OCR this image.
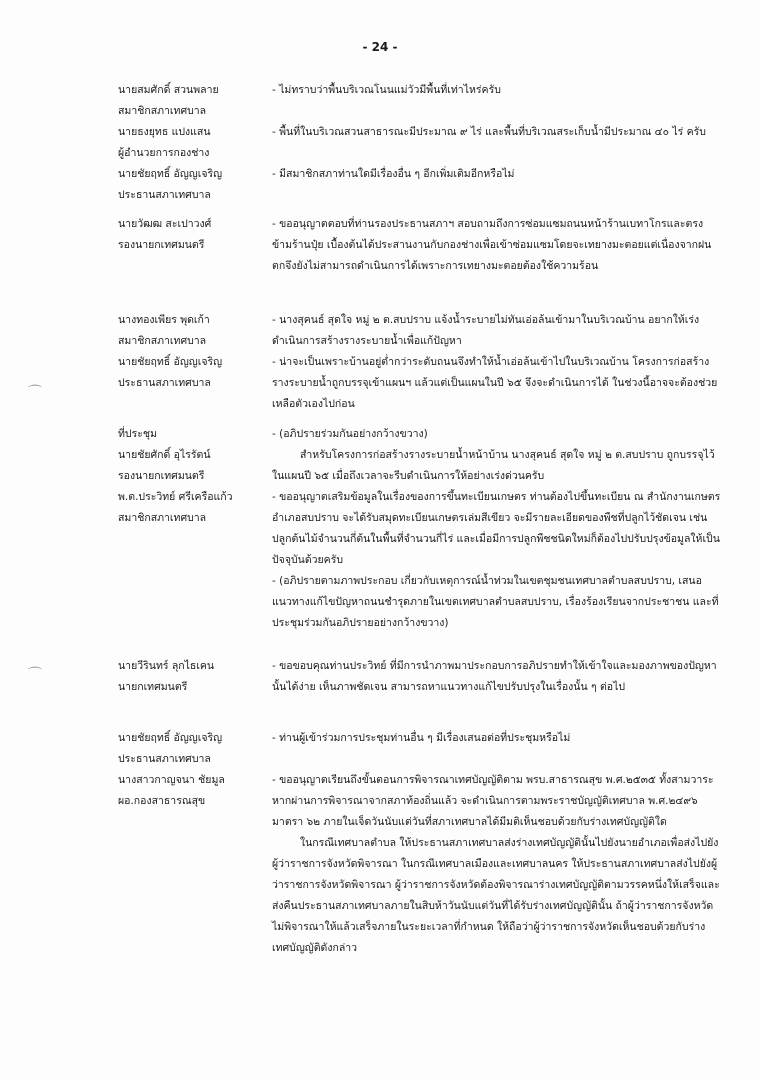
- 24 -
⌒
⌒
นายสมศักดิ์ สวนพลาย
สมาชิกสภาเทศบาล

- ไม่ทราบว่าพื้นบริเวณโนนแม่วัวมีพื้นที่เท่าไหร่ครับ

นายธงยุทธ แปงแสน
ผู้อำนวยการกองช่าง

- พื้นที่ในบริเวณสวนสาธารณะมีประมาณ ๙ ไร่ และพื้นที่บริเวณสระเก็บน้ำมีประมาณ ๔๐ ไร่ ครับ

นายชัยฤทธิ์ อัญญเจริญ
ประธานสภาเทศบาล

- มีสมาชิกสภาท่านใดมีเรื่องอื่น ๆ อีกเพิ่มเติมอีกหรือไม่

นายวัฒฒ สะเปาวงศ์
รองนายกเทศมนตรี

- ขออนุญาตตอบที่ท่านรองประธานสภาฯ สอบถามถึงการซ่อมแซมถนนหน้าร้านเบทาโกรและตรงข้ามร้านปุ๋ย เบื้องต้นได้ประสานงานกับกองช่างเพื่อเข้าซ่อมแซมโดยจะเทยางมะตอยแต่เนื่องจากฝนตกจึงยังไม่สามารถดำเนินการได้เพราะการเทยางมะตอยต้องใช้ความร้อน

นางทองเพียร พุดเก้า
สมาชิกสภาเทศบาล

- นางสุคนธ์ สุดใจ หมู่ ๒ ต.สบปราบ แจ้งน้ำระบายไม่ทันเอ่อล้นเข้ามาในบริเวณบ้าน อยากให้เร่งดำเนินการสร้างรางระบายน้ำเพื่อแก้ปัญหา

นายชัยฤทธิ์ อัญญเจริญ
ประธานสภาเทศบาล

- น่าจะเป็นเพราะบ้านอยู่ต่ำกว่าระดับถนนจึงทำให้น้ำเอ่อล้นเข้าไปในบริเวณบ้าน โครงการก่อสร้างรางระบายน้ำถูกบรรจุเข้าแผนฯ แล้วแต่เป็นแผนในปี ๖๕ จึงจะดำเนินการได้ ในช่วงนี้อาจจะต้องช่วยเหลือตัวเองไปก่อน

ที่ประชุม
นายชัยศักดิ์ อุไรรัตน์
รองนายกเทศมนตรี
พ.ต.ประวิทย์ ศรีเครือแก้ว
สมาชิกสภาเทศบาล

- (อภิปรายร่วมกันอย่างกว้างขวาง)

สำหรับโครงการก่อสร้างรางระบายน้ำหน้าบ้าน นางสุคนธ์ สุดใจ หมู่ ๒ ต.สบปราบ ถูกบรรจุไว้ในแผนปี ๖๕ เมื่อถึงเวลาจะรีบดำเนินการให้อย่างเร่งด่วนครับ

- ขออนุญาตเสริมข้อมูลในเรื่องของการขึ้นทะเบียนเกษตร ท่านต้องไปขึ้นทะเบียน ณ สำนักงานเกษตรอำเภอสบปราบ จะได้รับสมุดทะเบียนเกษตรเล่มสีเขียว จะมีรายละเอียดของพืชที่ปลูกไว้ชัดเจน เช่น ปลูกต้นไม้จำนวนกี่ต้นในพื้นที่จำนวนกี่ไร่ และเมื่อมีการปลูกพืชชนิดใหม่ก็ต้องไปปรับปรุงข้อมูลให้เป็นปัจจุบันด้วยครับ

- (อภิปรายตามภาพประกอบ เกี่ยวกับเหตุการณ์น้ำท่วมในเขตชุมชนเทศบาลตำบลสบปราบ, เสนอแนวทางแก้ไขปัญหาถนนชำรุดภายในเขตเทศบาลตำบลสบปราบ, เรื่องร้องเรียนจากประชาชน และที่ประชุมร่วมกันอภิปรายอย่างกว้างขวาง)

นายวีรินทร์ ลุกไธเคน
นายกเทศมนตรี

- ขอขอบคุณท่านประวิทย์ ที่มีการนำภาพมาประกอบการอภิปรายทำให้เข้าใจและมองภาพของปัญหานั้นได้ง่าย เห็นภาพชัดเจน สามารถหาแนวทางแก้ไขปรับปรุงในเรื่องนั้น ๆ ต่อไป

นายชัยฤทธิ์ อัญญเจริญ
ประธานสภาเทศบาล

- ท่านผู้เข้าร่วมการประชุมท่านอื่น ๆ มีเรื่องเสนอต่อที่ประชุมหรือไม่

นางสาวกาญจนา ชัยมูล
ผอ.กองสาธารณสุข

- ขออนุญาตเรียนถึงขั้นตอนการพิจารณาเทศบัญญัติตาม พรบ.สาธารณสุข พ.ศ.๒๕๓๕ ทั้งสามวาระ หากผ่านการพิจารณาจากสภาท้องถิ่นแล้ว จะดำเนินการตามพระราชบัญญัติเทศบาล พ.ศ.๒๔๙๖ มาตรา ๖๒ ภายในเจ็ดวันนับแต่วันที่สภาเทศบาลได้มีมติเห็นชอบด้วยกับร่างเทศบัญญัติใด

ในกรณีเทศบาลตำบล ให้ประธานสภาเทศบาลส่งร่างเทศบัญญัตินั้นไปยังนายอำเภอเพื่อส่งไปยังผู้ว่าราชการจังหวัดพิจารณา ในกรณีเทศบาลเมืองและเทศบาลนคร ให้ประธานสภาเทศบาลส่งไปยังผู้ว่าราชการจังหวัดพิจารณา ผู้ว่าราชการจังหวัดต้องพิจารณาร่างเทศบัญญัติตามวรรคหนึ่งให้เสร็จและส่งคืนประธานสภาเทศบาลภายในสิบห้าวันนับแต่วันที่ได้รับร่างเทศบัญญัตินั้น ถ้าผู้ว่าราชการจังหวัดไม่พิจารณาให้แล้วเสร็จภายในระยะเวลาที่กำหนด ให้ถือว่าผู้ว่าราชการจังหวัดเห็นชอบด้วยกับร่างเทศบัญญัติดังกล่าว
